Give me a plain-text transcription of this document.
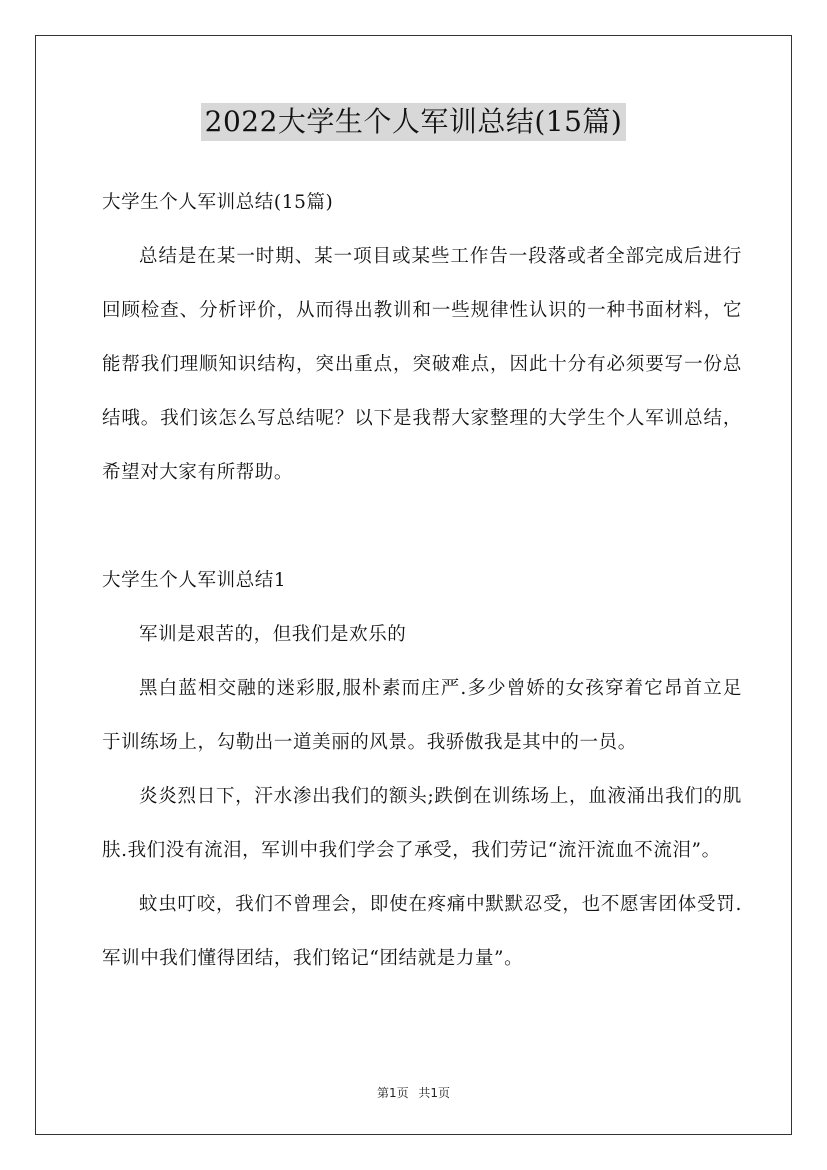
2022大学生个人军训总结(15篇)

大学生个人军训总结(15篇)

总结是在某一时期、某一项目或某些工作告一段落或者全部完成后进行回顾检查、分析评价，从而得出教训和一些规律性认识的一种书面材料，它能帮我们理顺知识结构，突出重点，突破难点，因此十分有必须要写一份总结哦。我们该怎么写总结呢？以下是我帮大家整理的大学生个人军训总结，希望对大家有所帮助。

大学生个人军训总结1

军训是艰苦的，但我们是欢乐的

黑白蓝相交融的迷彩服,服朴素而庄严.多少曾娇的女孩穿着它昂首立足于训练场上，勾勒出一道美丽的风景。我骄傲我是其中的一员。

炎炎烈日下，汗水渗出我们的额头;跌倒在训练场上，血液涌出我们的肌肤.我们没有流泪，军训中我们学会了承受，我们劳记“流汗流血不流泪”。

蚊虫叮咬，我们不曾理会，即使在疼痛中默默忍受，也不愿害团体受罚.军训中我们懂得团结，我们铭记“团结就是力量”。

第1页 共1页
